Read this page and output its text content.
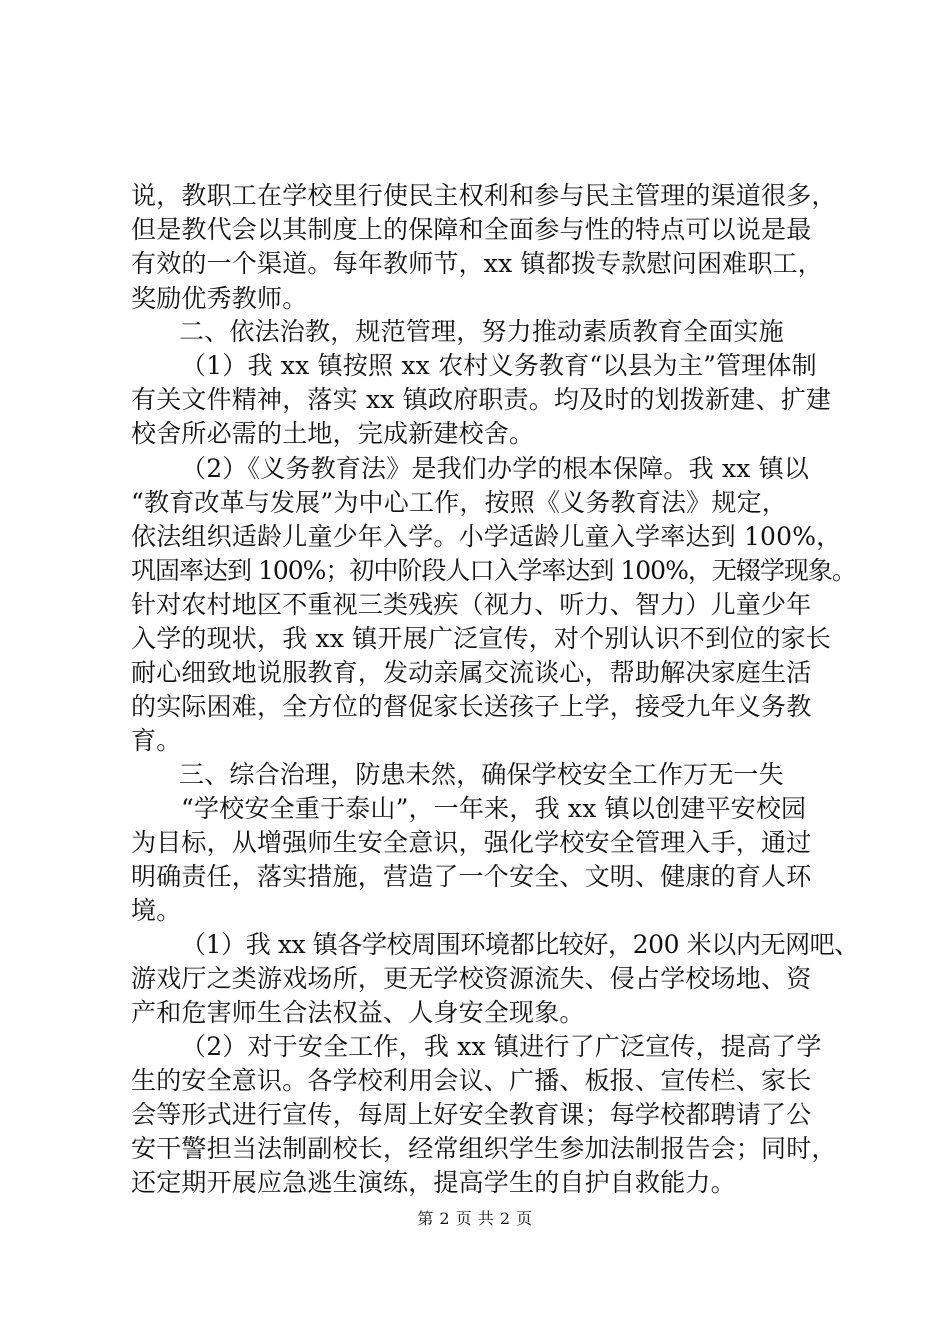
说，教职工在学校里行使民主权利和参与民主管理的渠道很多，
但是教代会以其制度上的保障和全面参与性的特点可以说是最
有效的一个渠道。每年教师节，xx 镇都拨专款慰问困难职工，
奖励优秀教师。
二、依法治教，规范管理，努力推动素质教育全面实施
（1）我 xx 镇按照 xx 农村义务教育“以县为主”管理体制
有关文件精神，落实 xx 镇政府职责。均及时的划拨新建、扩建
校舍所必需的土地，完成新建校舍。
（2）《义务教育法》是我们办学的根本保障。我 xx 镇以
“教育改革与发展”为中心工作，按照《义务教育法》规定，
依法组织适龄儿童少年入学。小学适龄儿童入学率达到 100%，
巩固率达到 100%；初中阶段人口入学率达到 100%，无辍学现象。
针对农村地区不重视三类残疾（视力、听力、智力）儿童少年
入学的现状，我 xx 镇开展广泛宣传，对个别认识不到位的家长
耐心细致地说服教育，发动亲属交流谈心，帮助解决家庭生活
的实际困难，全方位的督促家长送孩子上学，接受九年义务教
育。
三、综合治理，防患未然，确保学校安全工作万无一失
“学校安全重于泰山”，一年来，我 xx 镇以创建平安校园
为目标，从增强师生安全意识，强化学校安全管理入手，通过
明确责任，落实措施，营造了一个安全、文明、健康的育人环
境。
（1）我 xx 镇各学校周围环境都比较好，200 米以内无网吧、
游戏厅之类游戏场所，更无学校资源流失、侵占学校场地、资
产和危害师生合法权益、人身安全现象。
（2）对于安全工作，我 xx 镇进行了广泛宣传，提高了学
生的安全意识。各学校利用会议、广播、板报、宣传栏、家长
会等形式进行宣传，每周上好安全教育课；每学校都聘请了公
安干警担当法制副校长，经常组织学生参加法制报告会；同时，
还定期开展应急逃生演练，提高学生的自护自救能力。
第 2 页 共 2 页
